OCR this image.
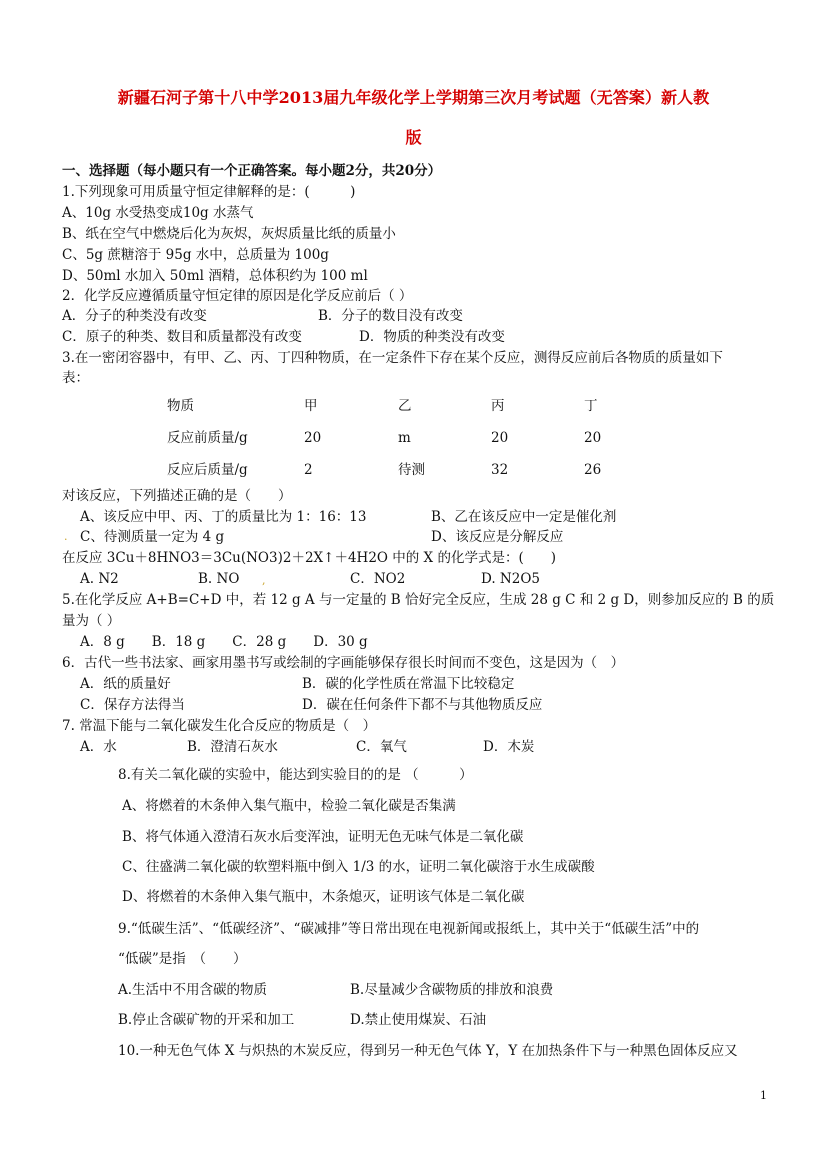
新疆石河子第十八中学2013届九年级化学上学期第三次月考试题（无答案）新人教
版
一、选择题（每小题只有一个正确答案。每小题2分，共20分）
1.下列现象可用质量守恒定律解释的是：(　　　)
A、10g 水受热变成10g 水蒸气
B、纸在空气中燃烧后化为灰烬，灰烬质量比纸的质量小
C、5g 蔗糖溶于 95g 水中，总质量为 100g
D、50ml 水加入 50ml 酒精，总体积约为 100 ml
2．化学反应遵循质量守恒定律的原因是化学反应前后（ ）
A．分子的种类没有改变	B．分子的数目没有改变
C．原子的种类、数目和质量都没有改变	D．物质的种类没有改变
3.在一密闭容器中，有甲、乙、丙、丁四种物质，在一定条件下存在某个反应，测得反应前后各物质的质量如下
表：
物质	甲	乙	丙	丁
反应前质量/g	20	m	20	20
反应后质量/g	2	待测	32	26
对该反应，下列描述正确的是（　　）
A、该反应中甲、丙、丁的质量比为 1：16：13	B、乙在该反应中一定是催化剂
. C、待测质量一定为 4 g	D、该反应是分解反应
在反应 3Cu＋8HNO3＝3Cu(NO3)2＋2X↑＋4H2O 中的 X 的化学式是：(　　)
A. N2	B. NO ,	C．NO2	D. N2O5
5.在化学反应 A+B=C+D 中，若 12 g A 与一定量的 B 恰好完全反应，生成 28 g C 和 2 g D，则参加反应的 B 的质
量为（ ）
A．8 g　　B．18 g　　C．28 g　　D．30 g
6．古代一些书法家、画家用墨书写或绘制的字画能够保存很长时间而不变色，这是因为（　）
A．纸的质量好	B．碳的化学性质在常温下比较稳定
C．保存方法得当	D．碳在任何条件下都不与其他物质反应
7. 常温下能与二氧化碳发生化合反应的物质是（　）
A．水	B．澄清石灰水	C．氧气	D．木炭
8.有关二氧化碳的实验中，能达到实验目的的是 （　　　）
A、将燃着的木条伸入集气瓶中，检验二氧化碳是否集满
B、将气体通入澄清石灰水后变浑浊，证明无色无味气体是二氧化碳
C、往盛满二氧化碳的软塑料瓶中倒入 1/3 的水，证明二氧化碳溶于水生成碳酸
D、将燃着的木条伸入集气瓶中，木条熄灭，证明该气体是二氧化碳
9.“低碳生活”、“低碳经济”、“碳减排”等日常出现在电视新闻或报纸上，其中关于“低碳生活”中的
“低碳”是指　（　　）
A.生活中不用含碳的物质	B.尽量减少含碳物质的排放和浪费
B.停止含碳矿物的开采和加工	D.禁止使用煤炭、石油
10.一种无色气体 X 与炽热的木炭反应，得到另一种无色气体 Y，Y 在加热条件下与一种黑色固体反应又
1
